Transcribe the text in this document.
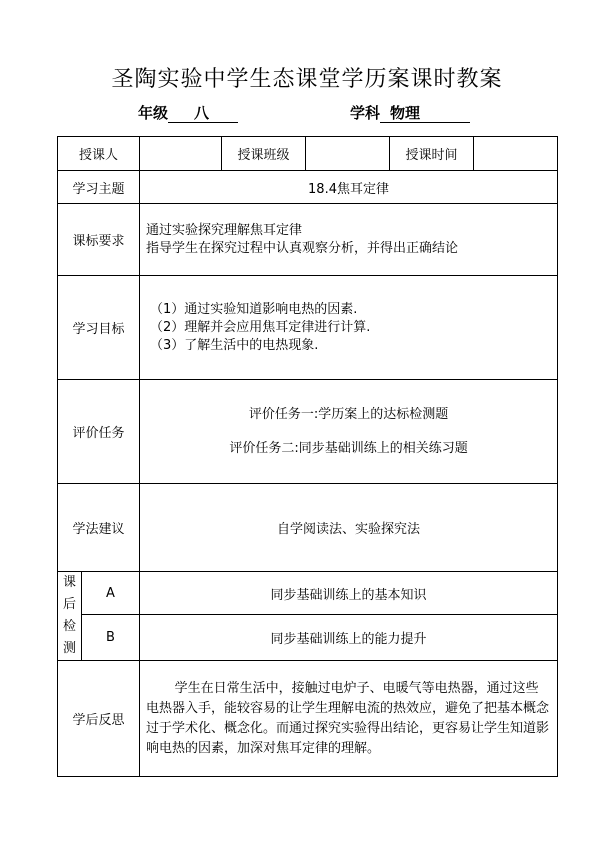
圣陶实验中学生态课堂学历案课时教案
年级 八	学科 物理
授课人			授课班级		授课时间	
学习主题		18.4焦耳定律				
课标要求		通过实验探究理解焦耳定律
指导学生在探究过程中认真观察分析，并得出正确结论				

学习目标		（1）通过实验知道影响电热的因素.
（2）理解并会应用焦耳定律进行计算.
（3）了解生活中的电热现象.				

评价任务		评价任务一:学历案上的达标检测题
评价任务二:同步基础训练上的相关练习题				

学法建议		自学阅读法、实验探究法				

课
后
检
测	A	同步基础训练上的基本知识				
	B	同步基础训练上的能力提升				
学后反思		学生在日常生活中，接触过电炉子、电暖气等电热器，通过这些电热器入手，能较容易的让学生理解电流的热效应，避免了把基本概念过于学术化、概念化。而通过探究实验得出结论，更容易让学生知道影响电热的因素，加深对焦耳定律的理解。				
